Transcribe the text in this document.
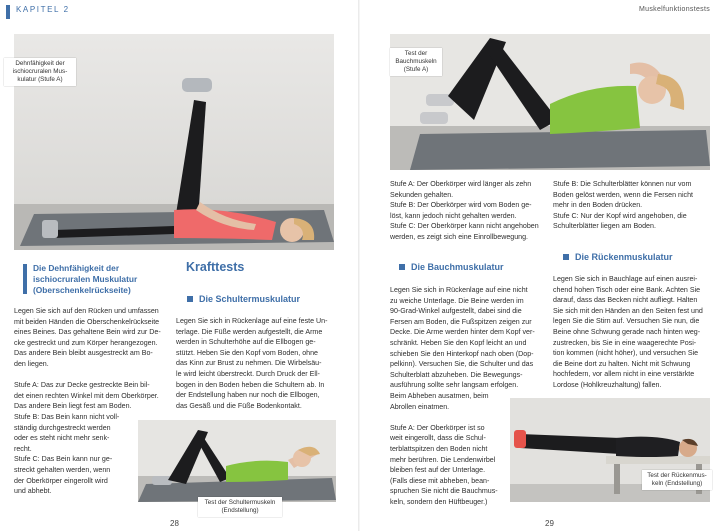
KAPITEL 2
Dehnfähigkeit der
ischiocruralen Mus-
kulatur (Stufe A)
Die Dehnfähigkeit der
ischiocruralen Muskulatur
(Oberschenkelrückseite)

Legen Sie sich auf den Rücken und umfassen
mit beiden Händen die Oberschenkelrückseite
eines Beines. Das gehaltene Bein wird zur De-
cke gestreckt und zum Körper herangezogen.
Das andere Bein bleibt ausgestreckt am Bo-
den liegen.

Stufe A: Das zur Decke gestreckte Bein bil-
det einen rechten Winkel mit dem Oberkörper.
Das andere Bein liegt fest am Boden.
Stufe B: Das Bein kann nicht voll-
ständig durchgestreckt werden
oder es steht nicht mehr senk-
recht.
Stufe C: Das Bein kann nur ge-
streckt gehalten werden, wenn
der Oberkörper eingerollt wird
und abhebt.

Krafttests
Die Schultermuskulatur

Legen Sie sich in Rückenlage auf eine feste Un-
terlage. Die Füße werden aufgestellt, die Arme
werden in Schulterhöhe auf die Ellbogen ge-
stützt. Heben Sie den Kopf vom Boden, ohne
das Kinn zur Brust zu nehmen. Die Wirbelsäu-
le wird leicht überstreckt. Durch Druck der Ell-
bogen in den Boden heben die Schultern ab. In
der Endstellung haben nur noch die Ellbogen,
das Gesäß und die Füße Bodenkontakt.

Test der Schultermuskeln
(Endstellung)
28
Muskelfunktionstests
Test der
Bauchmuskeln
(Stufe A)

Stufe A: Der Oberkörper wird länger als zehn
Sekunden gehalten.
Stufe B: Der Oberkörper wird vom Boden ge-
löst, kann jedoch nicht gehalten werden.
Stufe C: Der Oberkörper kann nicht angehoben
werden, es zeigt sich eine Einrollbewegung.

Die Bauchmuskulatur

Legen Sie sich in Rückenlage auf eine nicht
zu weiche Unterlage. Die Beine werden im
90-Grad-Winkel aufgestellt, dabei sind die
Fersen am Boden, die Fußspitzen zeigen zur
Decke. Die Arme werden hinter dem Kopf ver-
schränkt. Heben Sie den Kopf leicht an und
schieben Sie den Hinterkopf nach oben (Dop-
pelkinn). Versuchen Sie, die Schulter und das
Schulterblatt abzuheben. Die Bewegungs-
ausführung sollte sehr langsam erfolgen.
Beim Abheben ausatmen, beim
Abrollen einatmen.

Stufe A: Der Oberkörper ist so
weit eingerollt, dass die Schul-
terblattspitzen den Boden nicht
mehr berühren. Die Lendenwirbel
bleiben fest auf der Unterlage.
(Falls diese mit abheben, bean-
spruchen Sie nicht die Bauchmus-
keln, sondern den Hüftbeuger.)

Stufe B: Die Schulterblätter können nur vom
Boden gelöst werden, wenn die Fersen nicht
mehr in den Boden drücken.
Stufe C: Nur der Kopf wird angehoben, die
Schulterblätter liegen am Boden.

Die Rückenmuskulatur

Legen Sie sich in Bauchlage auf einen ausrei-
chend hohen Tisch oder eine Bank. Achten Sie
darauf, dass das Becken nicht aufliegt. Halten
Sie sich mit den Händen an den Seiten fest und
legen Sie die Stirn auf. Versuchen Sie nun, die
Beine ohne Schwung gerade nach hinten weg-
zustrecken, bis Sie in eine waagerechte Posi-
tion kommen (nicht höher), und versuchen Sie
die Beine dort zu halten. Nicht mit Schwung
hochfedern, vor allem nicht in eine verstärkte
Lordose (Hohlkreuzhaltung) fallen.

Test der Rückenmus-
keln (Endstellung)
29
